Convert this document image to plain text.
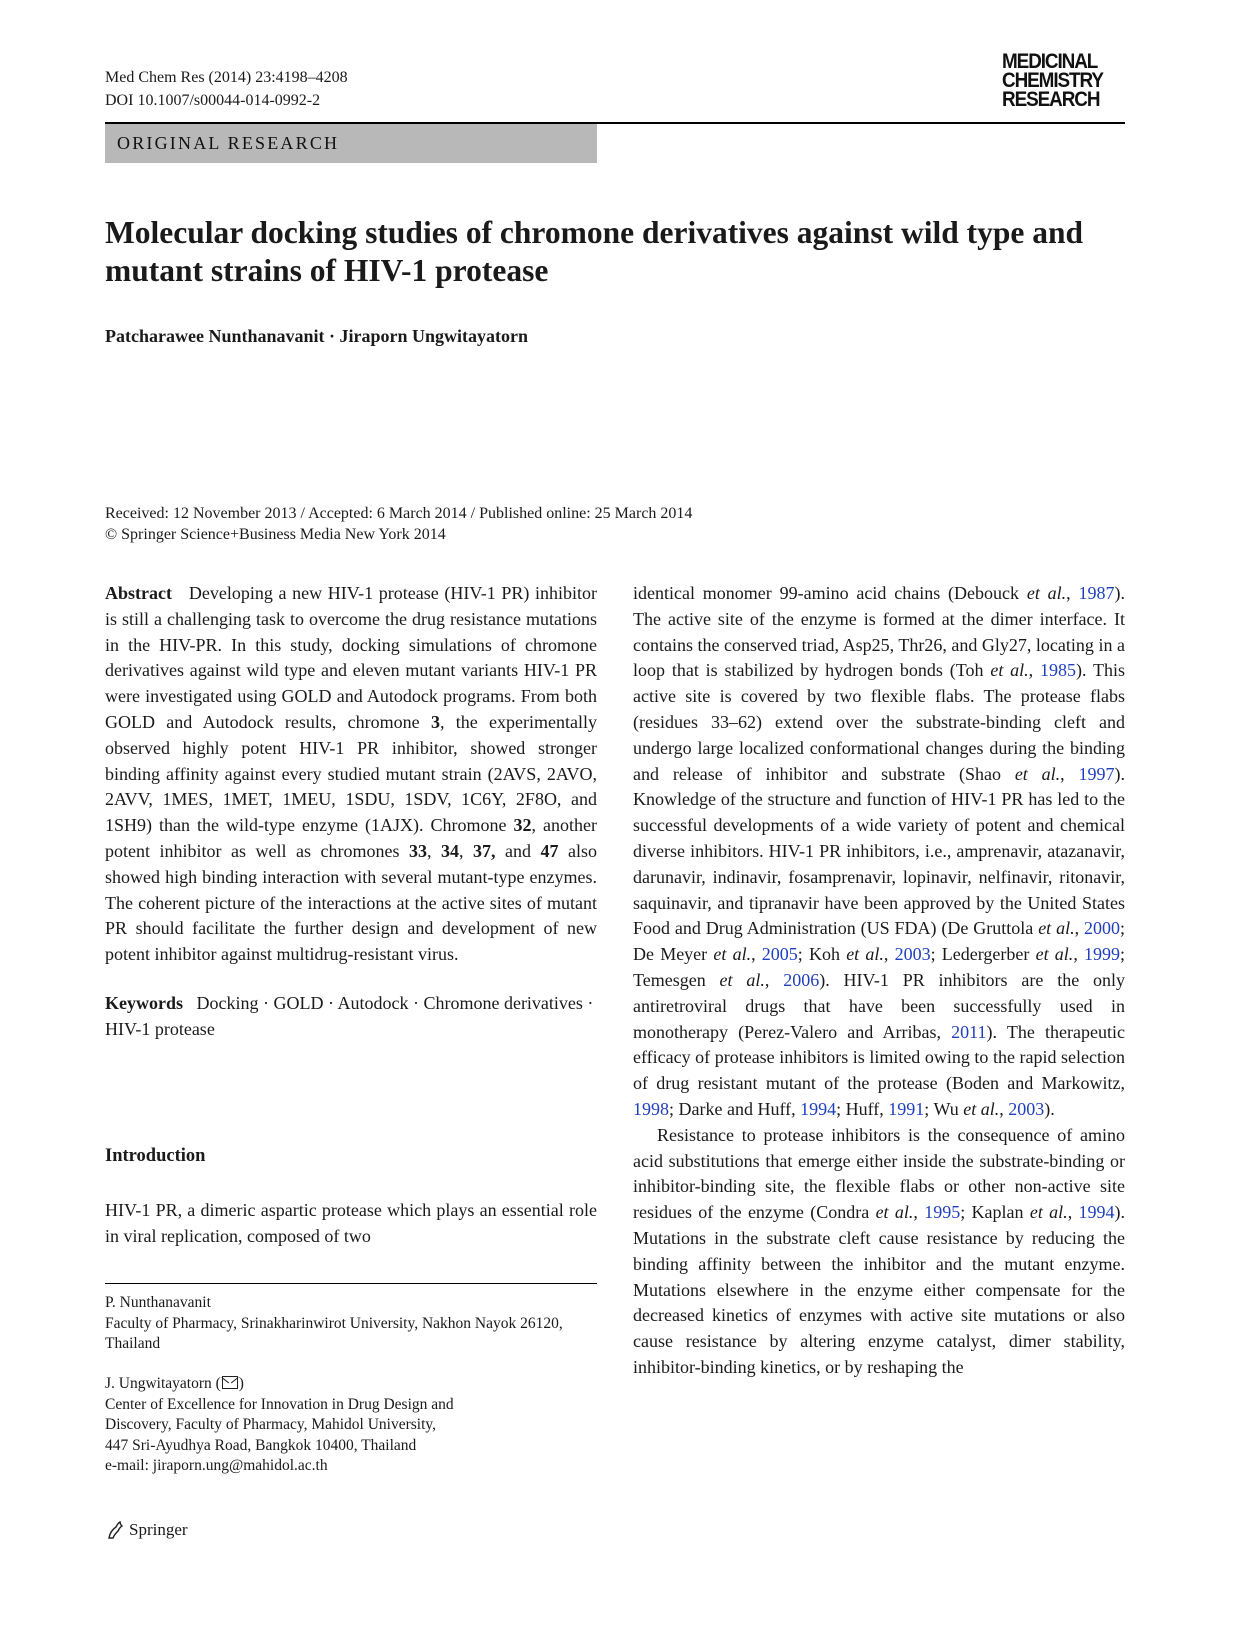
Med Chem Res (2014) 23:4198–4208
DOI 10.1007/s00044-014-0992-2
MEDICINAL
CHEMISTRY
RESEARCH
ORIGINAL RESEARCH
Molecular docking studies of chromone derivatives against wild type and mutant strains of HIV-1 protease
Patcharawee Nunthanavanit · Jiraporn Ungwitayatorn
Received: 12 November 2013 / Accepted: 6 March 2014 / Published online: 25 March 2014
© Springer Science+Business Media New York 2014

Abstract Developing a new HIV-1 protease (HIV-1 PR) inhibitor is still a challenging task to overcome the drug resistance mutations in the HIV-PR. In this study, docking simulations of chromone derivatives against wild type and eleven mutant variants HIV-1 PR were investigated using GOLD and Autodock programs. From both GOLD and Autodock results, chromone 3, the experimentally observed highly potent HIV-1 PR inhibitor, showed stronger binding affinity against every studied mutant strain (2AVS, 2AVO, 2AVV, 1MES, 1MET, 1MEU, 1SDU, 1SDV, 1C6Y, 2F8O, and 1SH9) than the wild-type enzyme (1AJX). Chromone 32, another potent inhibitor as well as chromones 33, 34, 37, and 47 also showed high binding interaction with several mutant-type enzymes. The coherent picture of the interactions at the active sites of mutant PR should facilitate the further design and development of new potent inhibitor against multidrug-resistant virus.

Keywords Docking · GOLD · Autodock · Chromone derivatives · HIV-1 protease

Introduction
HIV-1 PR, a dimeric aspartic protease which plays an essential role in viral replication, composed of two
P. Nunthanavanit
Faculty of Pharmacy, Srinakharinwirot University, Nakhon Nayok 26120, Thailand
J. Ungwitayatorn ( )
Center of Excellence for Innovation in Drug Design and
Discovery, Faculty of Pharmacy, Mahidol University,
447 Sri-Ayudhya Road, Bangkok 10400, Thailand
e-mail: jiraporn.ung@mahidol.ac.th

identical monomer 99-amino acid chains (Debouck et al., 1987). The active site of the enzyme is formed at the dimer interface. It contains the conserved triad, Asp25, Thr26, and Gly27, locating in a loop that is stabilized by hydrogen bonds (Toh et al., 1985). This active site is covered by two flexible flabs. The protease flabs (residues 33–62) extend over the substrate-binding cleft and undergo large localized conformational changes during the binding and release of inhibitor and substrate (Shao et al., 1997). Knowledge of the structure and function of HIV-1 PR has led to the successful developments of a wide variety of potent and chemical diverse inhibitors. HIV-1 PR inhibitors, i.e., amprenavir, atazanavir, darunavir, indinavir, fosamprenavir, lopinavir, nelfinavir, ritonavir, saquinavir, and tipranavir have been approved by the United States Food and Drug Administration (US FDA) (De Gruttola et al., 2000; De Meyer et al., 2005; Koh et al., 2003; Ledergerber et al., 1999; Temesgen et al., 2006). HIV-1 PR inhibitors are the only antiretroviral drugs that have been successfully used in monotherapy (Perez-Valero and Arribas, 2011). The therapeutic efficacy of protease inhibitors is limited owing to the rapid selection of drug resistant mutant of the protease (Boden and Markowitz, 1998; Darke and Huff, 1994; Huff, 1991; Wu et al., 2003).

Resistance to protease inhibitors is the consequence of amino acid substitutions that emerge either inside the substrate-binding or inhibitor-binding site, the flexible flabs or other non-active site residues of the enzyme (Condra et al., 1995; Kaplan et al., 1994). Mutations in the substrate cleft cause resistance by reducing the binding affinity between the inhibitor and the mutant enzyme. Mutations elsewhere in the enzyme either compensate for the decreased kinetics of enzymes with active site mutations or also cause resistance by altering enzyme catalyst, dimer stability, inhibitor-binding kinetics, or by reshaping the

Springer
